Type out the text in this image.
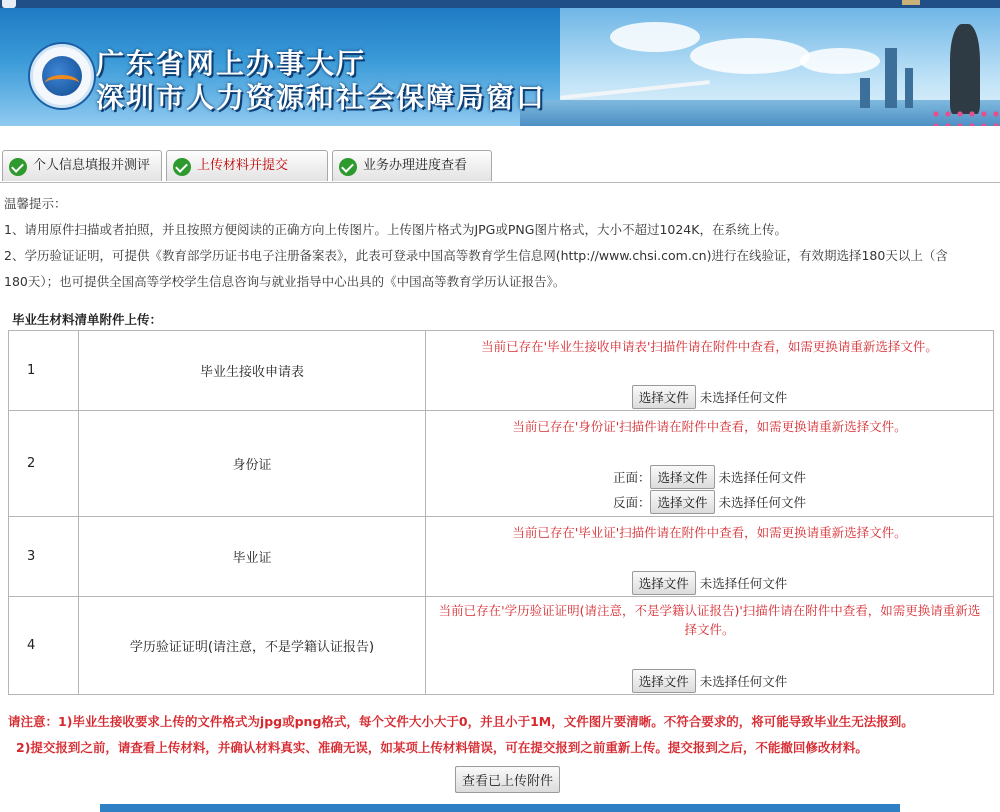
广东省网上办事大厅
深圳市人力资源和社会保障局窗口
个人信息填报并测评	上传材料并提交	业务办理进度查看
温馨提示：
1、请用原件扫描或者拍照，并且按照方便阅读的正确方向上传图片。上传图片格式为JPG或PNG图片格式，大小不超过1024K，在系统上传。
2、学历验证证明，可提供《教育部学历证书电子注册备案表》，此表可登录中国高等教育学生信息网(http://www.chsi.com.cn)进行在线验证，有效期选择180天以上（含
180天）；也可提供全国高等学校学生信息咨询与就业指导中心出具的《中国高等教育学历认证报告》。
毕业生材料清单附件上传：
1	毕业生接收申请表	当前已存在'毕业生接收申请表'扫描件请在附件中查看，如需更换请重新选择文件。
选择文件 未选择任何文件

2	身份证	当前已存在'身份证'扫描件请在附件中查看，如需更换请重新选择文件。
正面： 选择文件 未选择任何文件
反面： 选择文件 未选择任何文件

3	毕业证	当前已存在'毕业证'扫描件请在附件中查看，如需更换请重新选择文件。
选择文件 未选择任何文件

4	学历验证证明(请注意，不是学籍认证报告)	当前已存在'学历验证证明(请注意，不是学籍认证报告)'扫描件请在附件中查看，如需更换请重新选
择文件。
选择文件 未选择任何文件
请注意：1)毕业生接收要求上传的文件格式为jpg或png格式，每个文件大小大于0，并且小于1M，文件图片要清晰。不符合要求的，将可能导致毕业生无法报到。
2)提交报到之前，请查看上传材料，并确认材料真实、准确无误，如某项上传材料错误，可在提交报到之前重新上传。提交报到之后，不能撤回修改材料。
查看已上传附件
